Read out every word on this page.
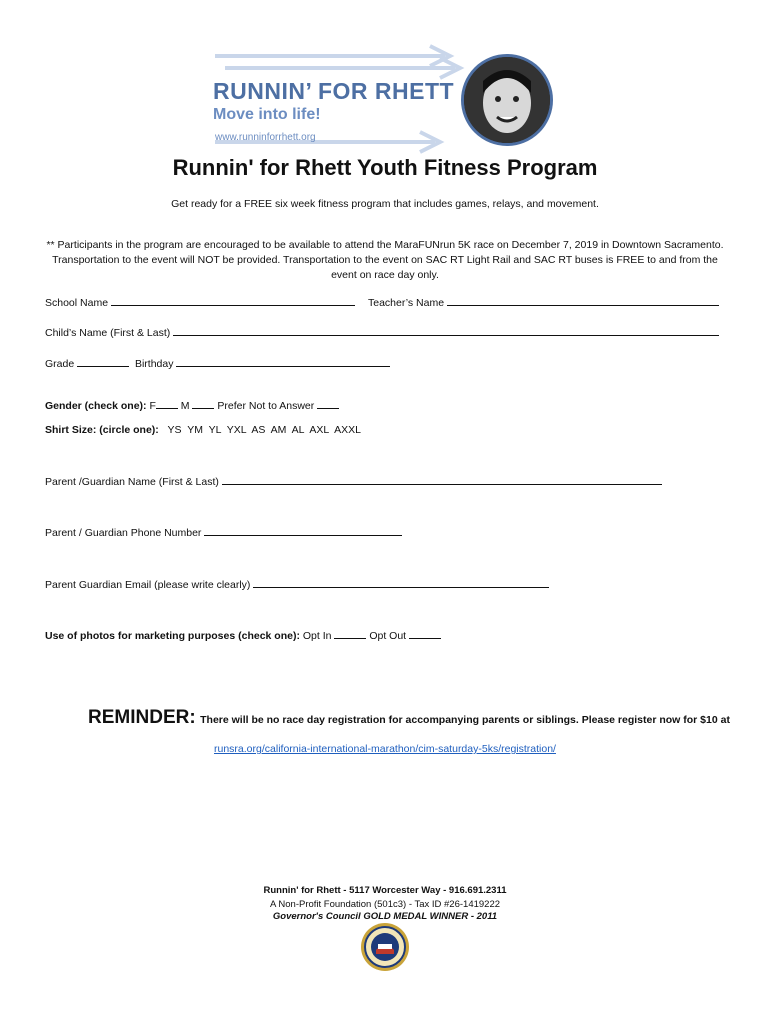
RUNNIN’ FOR RHETT
Move into life!
www.runninforrhett.org
Runnin' for Rhett Youth Fitness Program
Get ready for a FREE six week fitness program that includes games, relays, and movement.
** Participants in the program are encouraged to be available to attend the MaraFUNrun 5K race on December 7, 2019 in Downtown Sacramento. Transportation to the event will NOT be provided. Transportation to the event on SAC RT Light Rail and SAC RT buses is FREE to and from the event on race day only.
School Name	Teacher’s Name
Child’s Name (First & Last)
Grade	Birthday
Gender (check one): F M	Prefer Not to Answer
Shirt Size: (circle one): YS  YM  YL  YXL  AS  AM  AL  AXL  AXXL
Parent /Guardian Name (First & Last)
Parent / Guardian Phone Number
Parent Guardian Email (please write clearly)
Use of photos for marketing purposes (check one): Opt In	Opt Out
REMINDER: There will be no race day registration for accompanying parents or siblings. Please register now for $10 at
runsra.org/california-international-marathon/cim-saturday-5ks/registration/
Runnin' for Rhett - 5117 Worcester Way - 916.691.2311
A Non-Profit Foundation (501c3) - Tax ID #26-1419222
Governor's Council GOLD MEDAL WINNER - 2011
